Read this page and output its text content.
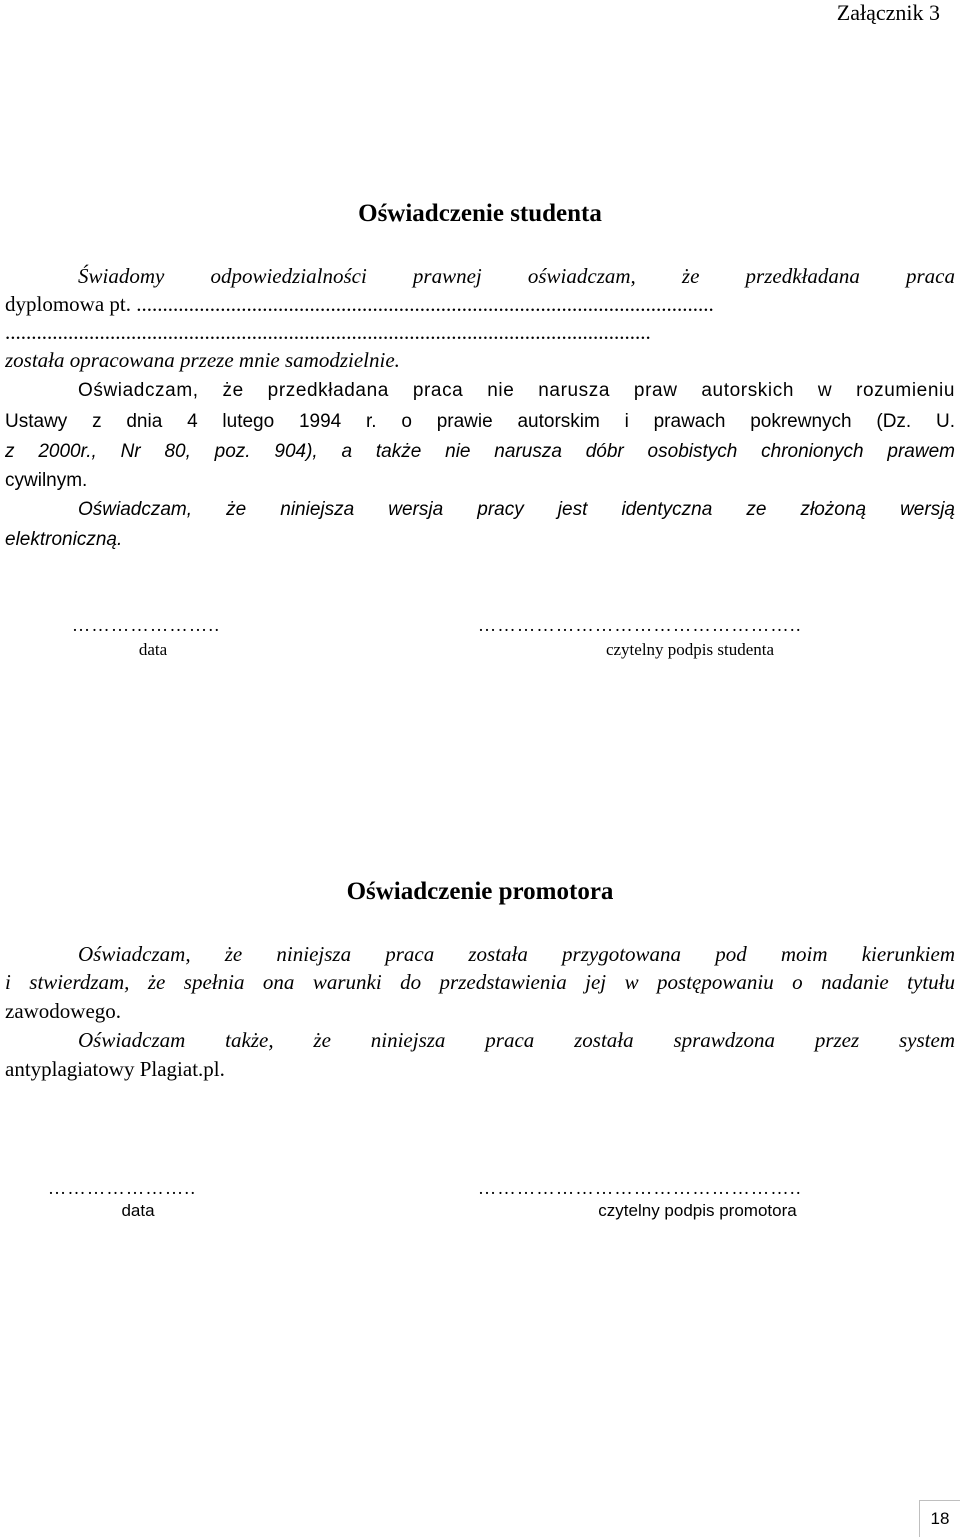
Załącznik 3
Oświadczenie studenta
Świadomy odpowiedzialności prawnej oświadczam, że przedkładana praca
dyplomowa pt. ..............................................................................................................
...........................................................................................................................
została opracowana przeze mnie samodzielnie.
Oświadczam, że przedkładana praca nie narusza praw autorskich w rozumieniu
Ustawy z dnia 4 lutego 1994 r. o prawie autorskim i prawach pokrewnych (Dz. U.
z 2000r., Nr 80, poz. 904), a także nie narusza dóbr osobistych chronionych prawem
cywilnym.
Oświadczam, że niniejsza wersja pracy jest identyczna ze złożoną wersją
elektroniczną.
…………………..	…………………………………………..
data	czytelny podpis studenta
Oświadczenie promotora
Oświadczam, że niniejsza praca została przygotowana pod moim kierunkiem
i stwierdzam, że spełnia ona warunki do przedstawienia jej w postępowaniu o nadanie tytułu
zawodowego.
Oświadczam także, że niniejsza praca została sprawdzona przez system
antyplagiatowy Plagiat.pl.
…………………..	…………………………………………..
data	czytelny podpis promotora
18
